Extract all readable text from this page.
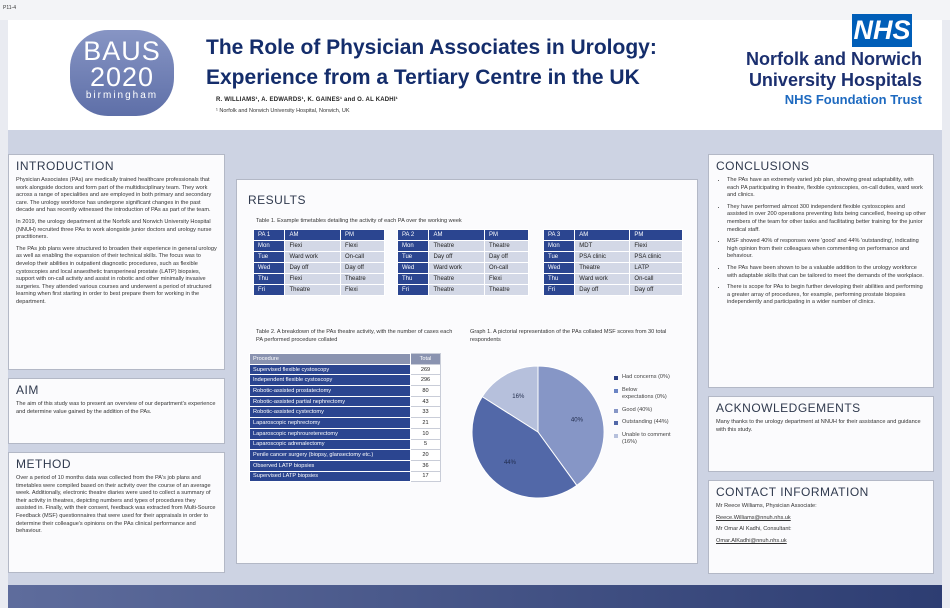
P11-4
BAUS
2020
birmingham
The Role of Physician Associates in Urology: Experience from a Tertiary Centre in the UK
R. WILLIAMS¹, A. EDWARDS¹, K. GAINES¹ and O. AL KADHI¹
¹ Norfolk and Norwich University Hospital, Norwich, UK
NHS
Norfolk and Norwich University Hospitals
NHS Foundation Trust
INTRODUCTION

Physician Associates (PAs) are medically trained healthcare professionals that work alongside doctors and form part of the multidisciplinary team. They work across a range of specialities and are employed in both primary and secondary care. The urology workforce has undergone significant changes in the past decade and has recently witnessed the introduction of PAs as part of the team.

In 2019, the urology department at the Norfolk and Norwich University Hospital (NNUH) recruited three PAs to work alongside junior doctors and urology nurse practitioners.

The PAs job plans were structured to broaden their experience in general urology as well as enabling the expansion of their technical skills. The focus was to develop their abilities in outpatient diagnostic procedures, such as flexible cystoscopies and local anaesthetic transperineal prostate (LATP) biopsies, support with on-call activity and assist in robotic and other minimally invasive surgeries. They attended various courses and underwent a period of structured learning when first starting in order to best prepare them for working in the department.

AIM

The aim of this study was to present an overview of our department's experience and determine value gained by the addition of the PAs.

METHOD

Over a period of 10 months data was collected from the PA's job plans and timetables were compiled based on their activity over the course of an average week. Additionally, electronic theatre diaries were used to collect a summary of their activity in theatres, depicting numbers and types of procedures they assisted in. Finally, with their consent, feedback was extracted from Multi-Source Feedback (MSF) questionnaires that were used for their appraisals in order to determine their colleague's opinions on the PAs clinical performance and behaviour.

RESULTS
Table 1. Example timetables detailing the activity of each PA over the working week
PA 1	AM	PM
Mon	Flexi	Flexi
Tue	Ward work	On-call
Wed	Day off	Day off
Thu	Flexi	Theatre
Fri	Theatre	Flexi
PA 2	AM	PM
Mon	Theatre	Theatre
Tue	Day off	Day off
Wed	Ward work	On-call
Thu	Theatre	Flexi
Fri	Theatre	Theatre
PA 3	AM	PM
Mon	MDT	Flexi
Tue	PSA clinic	PSA clinic
Wed	Theatre	LATP
Thu	Ward work	On-call
Fri	Day off	Day off
Table 2. A breakdown of the PAs theatre activity, with the number of cases each PA performed procedure collated
Procedure	Total
Supervised flexible cystoscopy	269
Independent flexible cystoscopy	296
Robotic-assisted prostatectomy	80
Robotic-assisted partial nephrectomy	43
Robotic-assisted cystectomy	33
Laparoscopic nephrectomy	21
Laparoscopic nephroureterectomy	10
Laparoscopic adrenalectomy	5
Penile cancer surgery (biopsy, glansectomy etc.)	20
Observed LATP biopsies	36
Supervised LATP biopsies	17
Graph 1. A pictorial representation of the PAs collated MSF scores from 30 total respondents
40%
44%
16%
Had concerns (0%)
Below expectations (0%)
Good (40%)
Outstanding (44%)
Unable to comment (16%)
CONCLUSIONS
• The PAs have an extremely varied job plan, showing great adaptability, with each PA participating in theatre, flexible cystoscopies, on-call duties, ward work and clinics.
• They have performed almost 300 independent flexible cystoscopies and assisted in over 200 operations preventing lists being cancelled, freeing up other members of the team for other tasks and facilitating better training for the junior medical staff.
• MSF showed 40% of responses were 'good' and 44% 'outstanding', indicating high opinion from their colleagues when commenting on performance and behaviour.
• The PAs have been shown to be a valuable addition to the urology workforce with adaptable skills that can be tailored to meet the demands of the workplace.
• There is scope for PAs to begin further developing their abilities and performing a greater array of procedures, for example, performing prostate biopsies independently and participating in a wider number of clinics.
ACKNOWLEDGEMENTS

Many thanks to the urology department at NNUH for their assistance and guidance with this study.

CONTACT INFORMATION

Mr Reece Williams, Physician Associate:

Reece.Williams@nnuh.nhs.uk

Mr Omar Al Kadhi, Consultant:

Omar.AlKadhi@nnuh.nhs.uk
